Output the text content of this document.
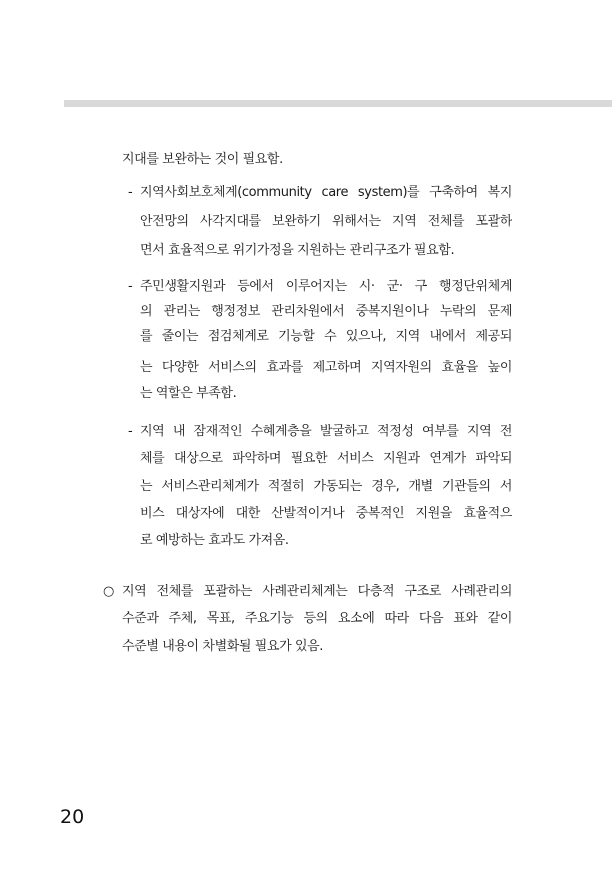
지대를 보완하는 것이 필요함.
- 지역사회보호체계(community care system)를 구축하여 복지
안전망의 사각지대를 보완하기 위해서는 지역 전체를 포괄하
면서 효율적으로 위기가정을 지원하는 관리구조가 필요함.
- 주민생활지원과 등에서 이루어지는 시· 군· 구 행정단위체계
의 관리는 행정정보 관리차원에서 중복지원이나 누락의 문제
를 줄이는 점검체계로 기능할 수 있으나, 지역 내에서 제공되
는 다양한 서비스의 효과를 제고하며 지역자원의 효율을 높이
는 역할은 부족함.
- 지역 내 잠재적인 수혜계층을 발굴하고 적정성 여부를 지역 전
체를 대상으로 파악하며 필요한 서비스 지원과 연계가 파악되
는 서비스관리체계가 적절히 가동되는 경우, 개별 기관들의 서
비스 대상자에 대한 산발적이거나 중복적인 지원을 효율적으
로 예방하는 효과도 가져옴.
○ 지역 전체를 포괄하는 사례관리체계는 다층적 구조로 사례관리의
수준과 주체, 목표, 주요기능 등의 요소에 따라 다음 표와 같이
수준별 내용이 차별화될 필요가 있음.
20
